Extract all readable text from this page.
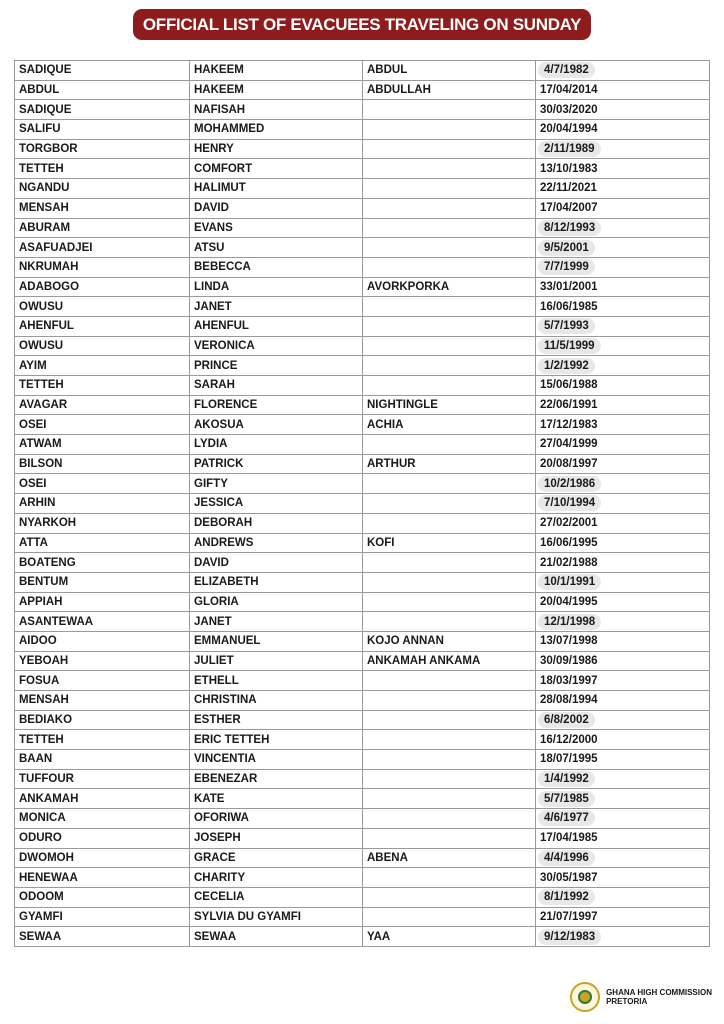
OFFICIAL LIST OF EVACUEES TRAVELING ON SUNDAY
SADIQUE	HAKEEM	ABDUL	4/7/1982
ABDUL	HAKEEM	ABDULLAH	17/04/2014
SADIQUE	NAFISAH		30/03/2020
SALIFU	MOHAMMED		20/04/1994
TORGBOR	HENRY		2/11/1989
TETTEH	COMFORT		13/10/1983
NGANDU	HALIMUT		22/11/2021
MENSAH	DAVID		17/04/2007
ABURAM	EVANS		8/12/1993
ASAFUADJEI	ATSU		9/5/2001
NKRUMAH	BEBECCA		7/7/1999
ADABOGO	LINDA	AVORKPORKA	33/01/2001
OWUSU	JANET		16/06/1985
AHENFUL	AHENFUL		5/7/1993
OWUSU	VERONICA		11/5/1999
AYIM	PRINCE		1/2/1992
TETTEH	SARAH		15/06/1988
AVAGAR	FLORENCE	NIGHTINGLE	22/06/1991
OSEI	AKOSUA	ACHIA	17/12/1983
ATWAM	LYDIA		27/04/1999
BILSON	PATRICK	ARTHUR	20/08/1997
OSEI	GIFTY		10/2/1986
ARHIN	JESSICA		7/10/1994
NYARKOH	DEBORAH		27/02/2001
ATTA	ANDREWS	KOFI	16/06/1995
BOATENG	DAVID		21/02/1988
BENTUM	ELIZABETH		10/1/1991
APPIAH	GLORIA		20/04/1995
ASANTEWAA	JANET		12/1/1998
AIDOO	EMMANUEL	KOJO ANNAN	13/07/1998
YEBOAH	JULIET	ANKAMAH ANKAMA	30/09/1986
FOSUA	ETHELL		18/03/1997
MENSAH	CHRISTINA		28/08/1994
BEDIAKO	ESTHER		6/8/2002
TETTEH	ERIC TETTEH		16/12/2000
BAAN	VINCENTIA		18/07/1995
TUFFOUR	EBENEZAR		1/4/1992
ANKAMAH	KATE		5/7/1985
MONICA	OFORIWA		4/6/1977
ODURO	JOSEPH		17/04/1985
DWOMOH	GRACE	ABENA	4/4/1996
HENEWAA	CHARITY		30/05/1987
ODOOM	CECELIA		8/1/1992
GYAMFI	SYLVIA DU GYAMFI		21/07/1997
SEWAA	SEWAA	YAA	9/12/1983
GHANA HIGH COMMISSION
PRETORIA
